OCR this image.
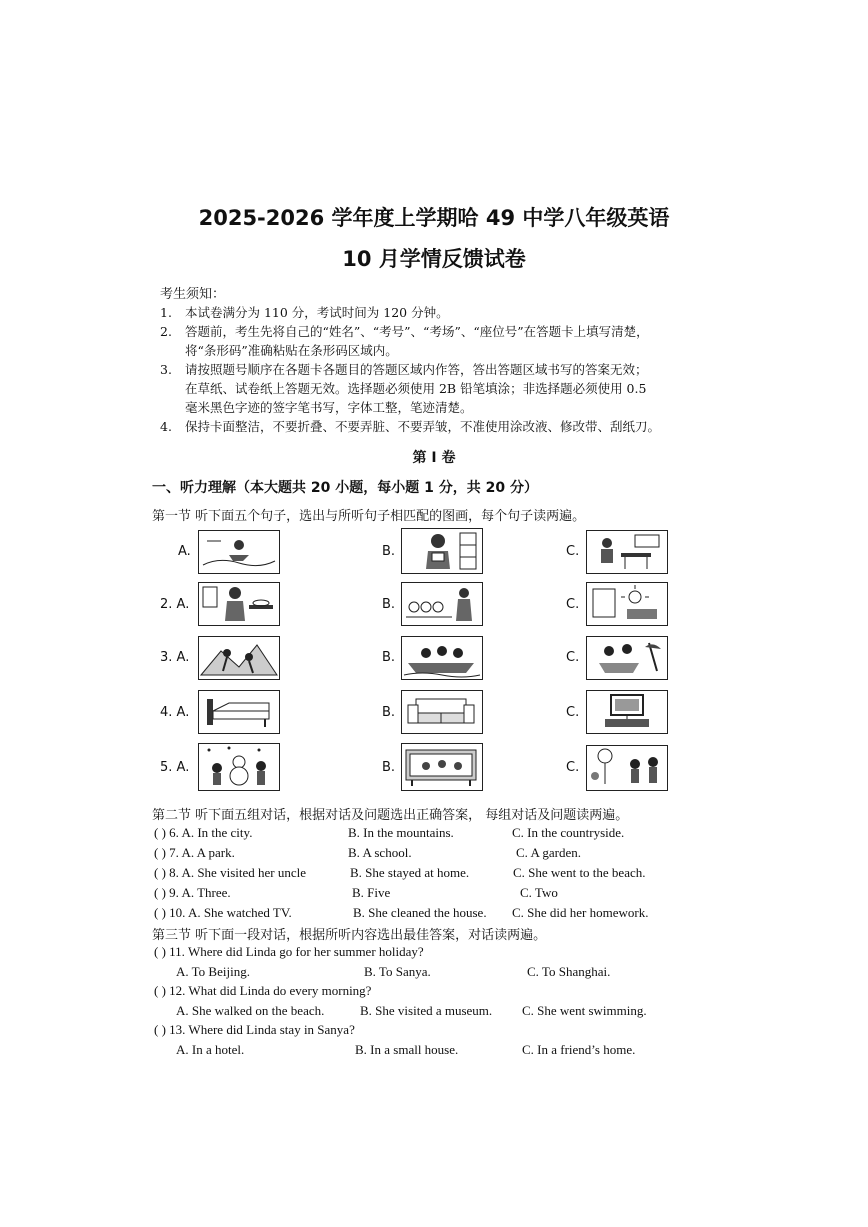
2025-2026 学年度上学期哈 49 中学八年级英语
10 月学情反馈试卷
考生须知：
1. 本试卷满分为 110 分，考试时间为 120 分钟。
2. 答题前，考生先将自己的“姓名”、“考号”、“考场”、“座位号”在答题卡上填写清楚，
将“条形码”准确粘贴在条形码区域内。
3. 请按照题号顺序在各题卡各题目的答题区域内作答，答出答题区域书写的答案无效；
在草纸、试卷纸上答题无效。选择题必须使用 2B 铅笔填涂；非选择题必须使用 0.5
毫米黑色字迹的签字笔书写，字体工整，笔迹清楚。
4. 保持卡面整洁，不要折叠、不要弄脏、不要弄皱，不准使用涂改液、修改带、刮纸刀。
第 I 卷
一、听力理解（本大题共 20 小题，每小题 1 分，共 20 分）
第一节 听下面五个句子，选出与所听句子相匹配的图画，每个句子读两遍。
A.	B.	C.
2. A.	B.	C.
3. A.	B.	C.
4. A.	B.	C.
5. A.	B.	C.
第二节 听下面五组对话，根据对话及问题选出正确答案， 每组对话及问题读两遍。
( ) 6. A. In the city.	B. In the mountains.	C. In the countryside.
( ) 7. A. A park.	B. A school.	C. A garden.
( ) 8. A. She visited her uncle	B. She stayed at home.	C. She went to the beach.
( ) 9. A. Three.	B. Five	C. Two
( ) 10. A. She watched TV.	B. She cleaned the house. C. She did her homework.
第三节 听下面一段对话，根据所听内容选出最佳答案，对话读两遍。
( ) 11. Where did Linda go for her summer holiday?
A. To Beijing.	B. To Sanya.	C. To Shanghai.
( ) 12. What did Linda do every morning?
A. She walked on the beach.	B. She visited a museum. C. She went swimming.
( ) 13. Where did Linda stay in Sanya?
A. In a hotel.	B. In a small house.	C. In a friend’s home.
